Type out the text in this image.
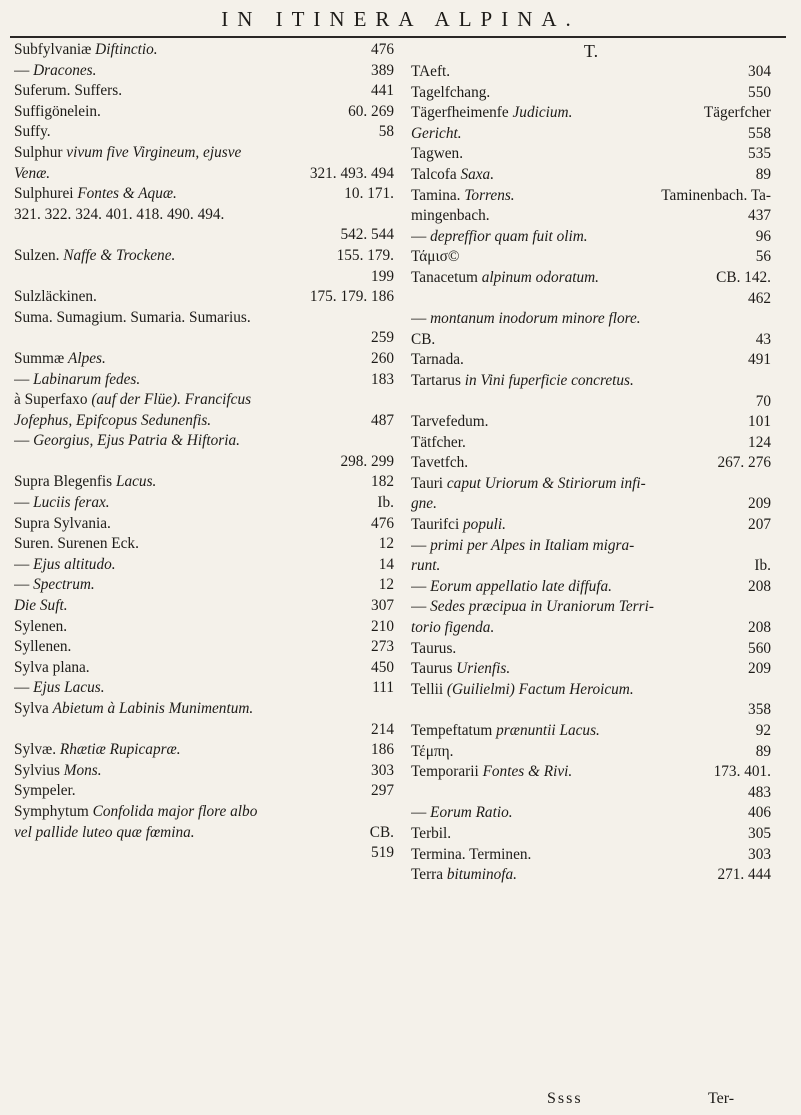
IN ITINERA ALPINA.
476
Subfylvaniæ Diftinctio.
389
— Dracones.
441
Suferum. Suffers.
60. 269
Suffigönelein.
58
Suffy.
Sulphur vivum five Virgineum, ejusve
321. 493. 494
Venæ.
10. 171.
Sulphurei Fontes & Aquæ.
321. 322. 324. 401. 418. 490. 494.
542. 544
155. 179.
Sulzen. Naffe & Trockene.
199
175. 179. 186
Sulzläckinen.
Suma. Sumagium. Sumaria. Sumarius.
259
260
Summæ Alpes.
183
— Labinarum fedes.
à Superfaxo (auf der Flüe). Francifcus
487
Jofephus, Epifcopus Sedunenfis.
— Georgius, Ejus Patria & Hiftoria.
298. 299
182
Supra Blegenfis Lacus.
Ib.
— Luciis ferax.
476
Supra Sylvania.
12
Suren. Surenen Eck.
14
— Ejus altitudo.
12
— Spectrum.
307
Die Suft.
210
Sylenen.
273
Syllenen.
450
Sylva plana.
111
— Ejus Lacus.
Sylva Abietum à Labinis Munimentum.
214
186
Sylvæ. Rhætiæ Rupicapræ.
303
Sylvius Mons.
297
Sympeler.
Symphytum Confolida major flore albo
CB.
vel pallide luteo quæ fœmina.
519
T.
304
TAeft.
550
Tagelfchang.
Tägerfcher
Tägerfheimenfe Judicium.
558
Gericht.
535
Tagwen.
89
Talcofa Saxa.
Taminenbach. Ta-
Tamina. Torrens.
437
mingenbach.
96
— depreffior quam fuit olim.
56
Τάμισ©
CB. 142.
Tanacetum alpinum odoratum.
462
— montanum inodorum minore flore.
43
CB.
491
Tarnada.
Tartarus in Vini fuperficie concretus.
70
101
Tarvefedum.
124
Tätfcher.
267. 276
Tavetfch.
Tauri caput Uriorum & Stiriorum infi-
209
gne.
207
Taurifci populi.
— primi per Alpes in Italiam migra-
Ib.
runt.
208
— Eorum appellatio late diffufa.
— Sedes præcipua in Uraniorum Terri-
208
torio figenda.
560
Taurus.
209
Taurus Urienfis.
Tellii (Guilielmi) Factum Heroicum.
358
92
Tempeftatum prænuntii Lacus.
89
Τέμπη.
173. 401.
Temporarii Fontes & Rivi.
483
406
— Eorum Ratio.
305
Terbil.
303
Termina. Terminen.
271. 444
Terra bituminofa.
Ssss	Ter-
